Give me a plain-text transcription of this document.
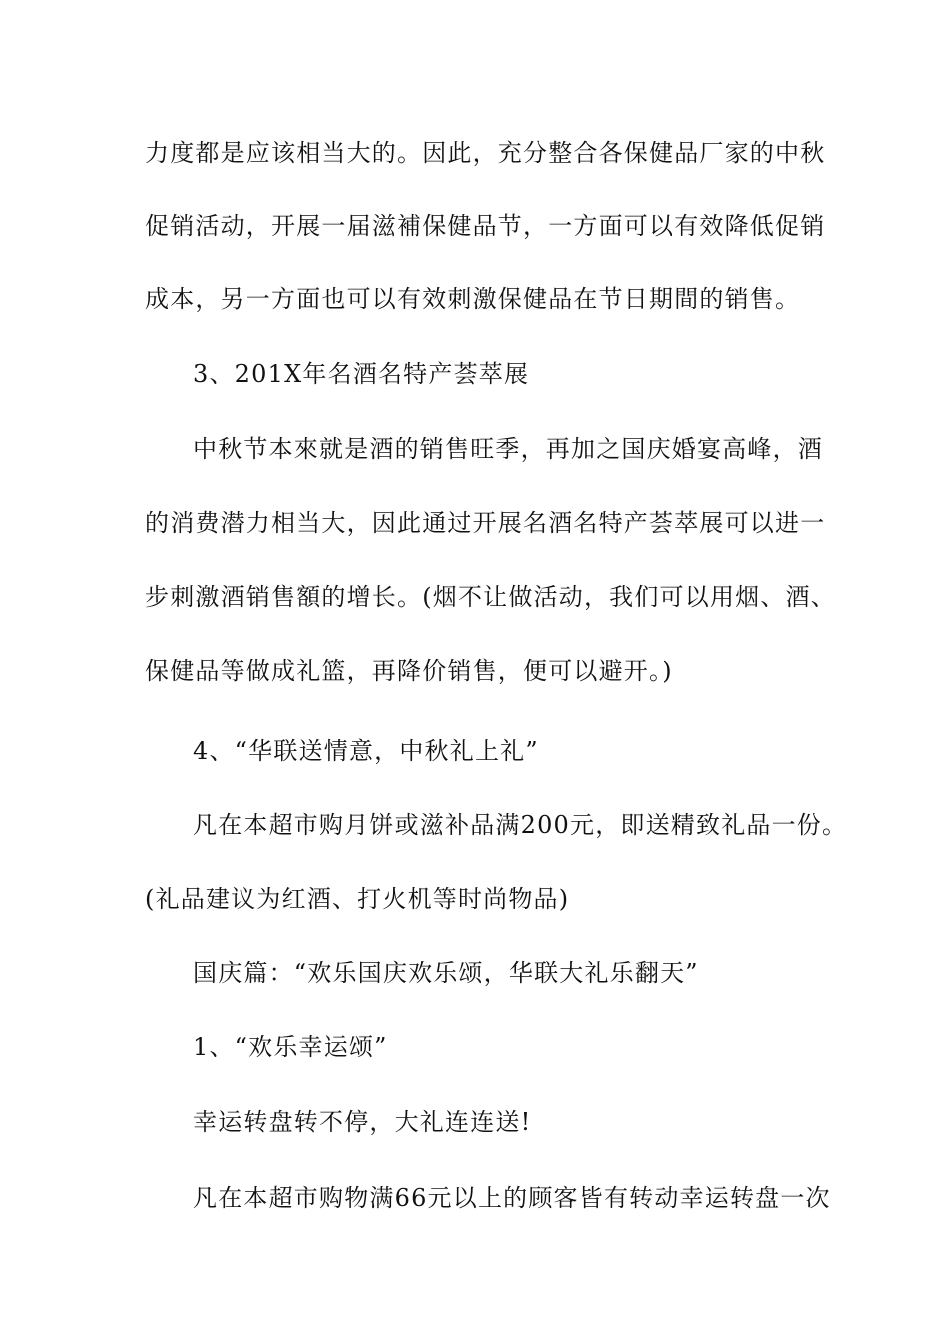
力度都是应该相当大的。因此，充分整合各保健品厂家的中秋
促销活动，开展一届滋補保健品节，一方面可以有效降低促销
成本，另一方面也可以有效刺激保健品在节日期間的销售。
3、201X年名酒名特产荟萃展
中秋节本來就是酒的销售旺季，再加之国庆婚宴高峰，酒
的消费潜力相当大，因此通过开展名酒名特产荟萃展可以进一
步刺激酒销售額的增长。(烟不让做活动，我们可以用烟、酒、
保健品等做成礼篮，再降价销售，便可以避开。)
4、“华联送情意，中秋礼上礼”
凡在本超市购月饼或滋补品满200元，即送精致礼品一份。
(礼品建议为红酒、打火机等时尚物品)
国庆篇：“欢乐国庆欢乐颂，华联大礼乐翻天”
1、“欢乐幸运颂”
幸运转盘转不停，大礼连连送!
凡在本超市购物满66元以上的顾客皆有转动幸运转盘一次
